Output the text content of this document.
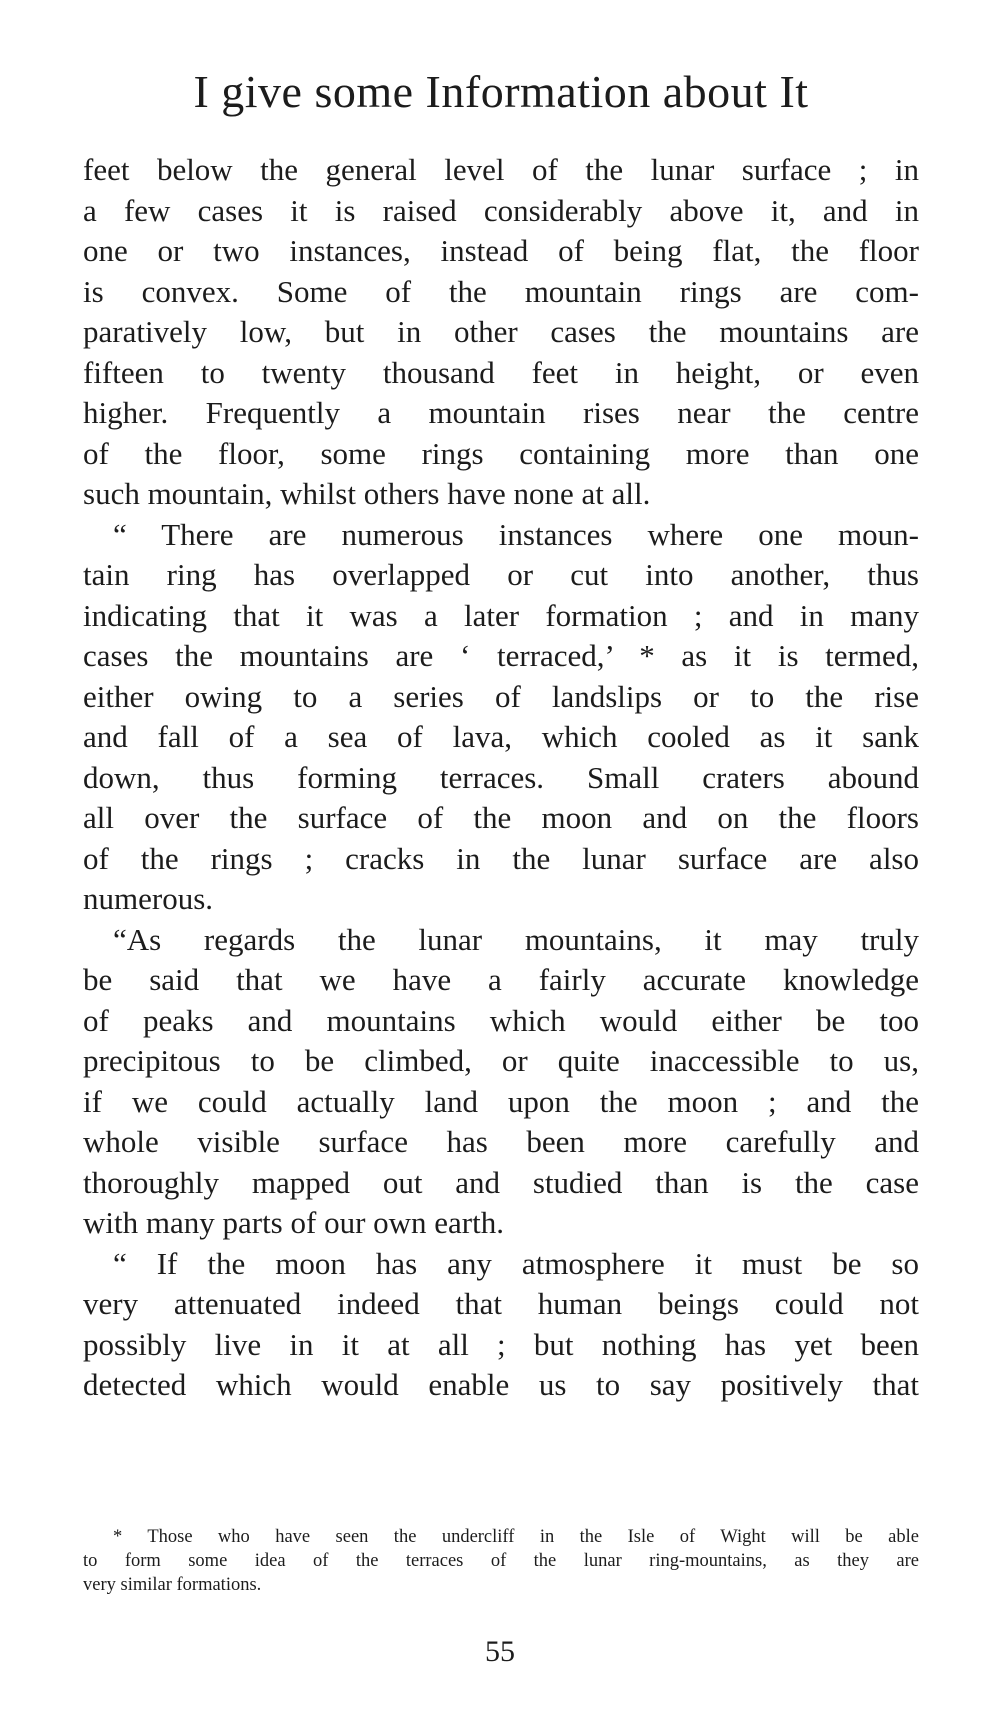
I give some Information about It
feet below the general level of the lunar surface ; in
a few cases it is raised considerably above it, and in
one or two instances, instead of being flat, the floor
is convex. Some of the mountain rings are com-
paratively low, but in other cases the mountains are
fifteen to twenty thousand feet in height, or even
higher. Frequently a mountain rises near the centre
of the floor, some rings containing more than one
such mountain, whilst others have none at all.
“ There are numerous instances where one moun-
tain ring has overlapped or cut into another, thus
indicating that it was a later formation ; and in many
cases the mountains are ‘ terraced,’ * as it is termed,
either owing to a series of landslips or to the rise
and fall of a sea of lava, which cooled as it sank
down, thus forming terraces. Small craters abound
all over the surface of the moon and on the floors
of the rings ; cracks in the lunar surface are also
numerous.
“As regards the lunar mountains, it may truly
be said that we have a fairly accurate knowledge
of peaks and mountains which would either be too
precipitous to be climbed, or quite inaccessible to us,
if we could actually land upon the moon ; and the
whole visible surface has been more carefully and
thoroughly mapped out and studied than is the case
with many parts of our own earth.
“ If the moon has any atmosphere it must be so
very attenuated indeed that human beings could not
possibly live in it at all ; but nothing has yet been
detected which would enable us to say positively that
* Those who have seen the undercliff in the Isle of Wight will be able
to form some idea of the terraces of the lunar ring-mountains, as they are
very similar formations.
55
